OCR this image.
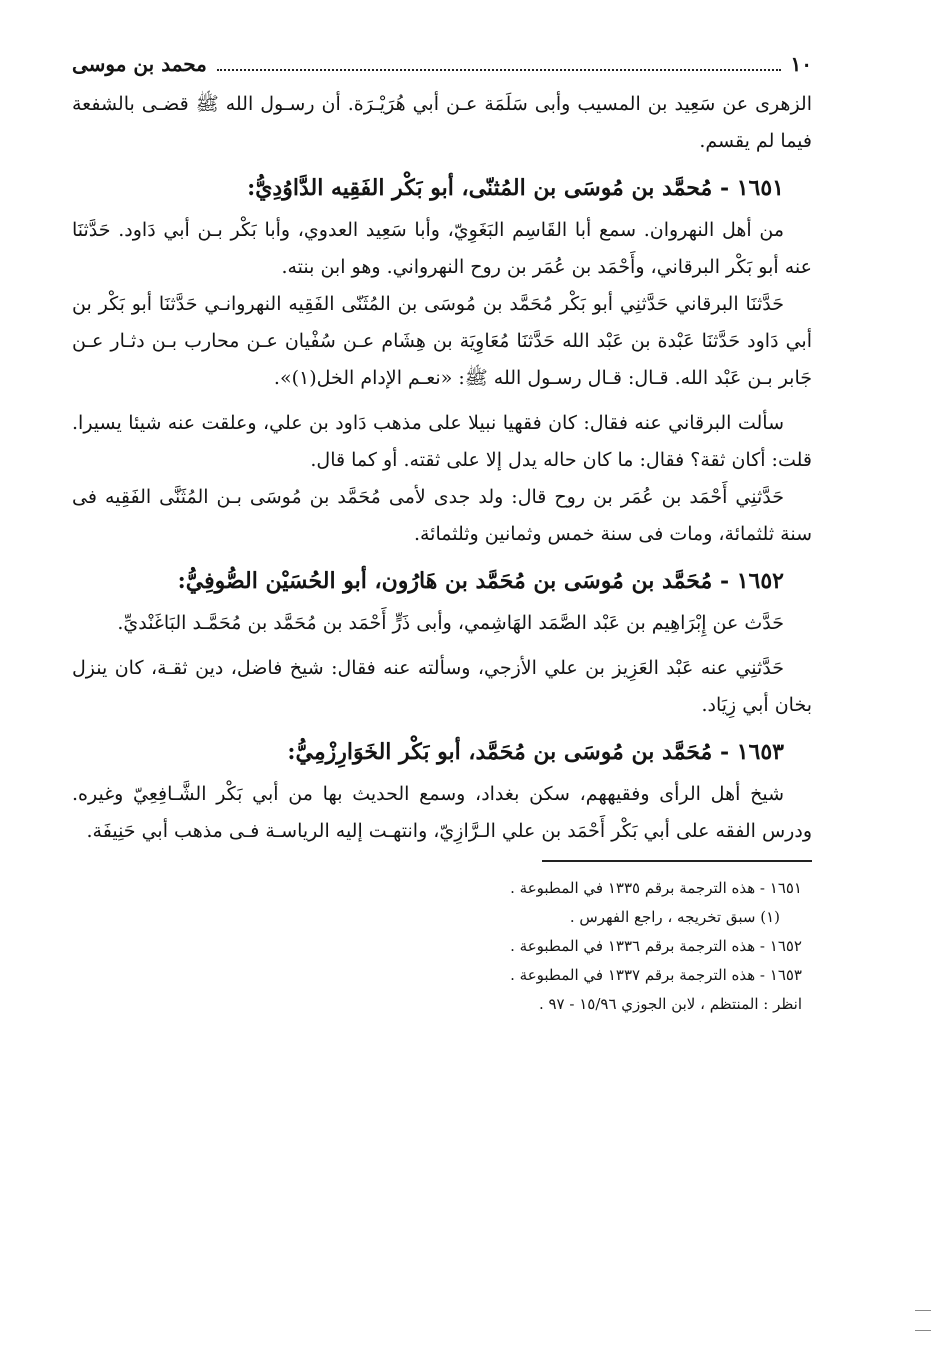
١٠
محمد بن موسى

الزهرى عن سَعِيد بن المسيب وأبى سَلَمَة عـن أبي هُرَيْـرَة. أن رسـول الله ﷺ قضـى بالشفعة فيما لم يقسم.

١٦٥١ - مُحمَّد بن مُوسَى بن المُثنّى، أبو بَكْر الفَقِيه الدَّاوُدِيُّ:

من أهل النهروان. سمع أبا القَاسِم البَغَوِيّ، وأبا سَعِيد العدوي، وأبا بَكْر بـن أبي دَاود. حَدَّثنَا عنه أبو بَكْر البرقاني، وأَحْمَد بن عُمَر بن روح النهرواني. وهو ابن بنته.

حَدَّثنَا البرقاني حَدَّثنِي أبو بَكْر مُحَمَّد بن مُوسَى بن المُثَنّى الفَقِيه النهروانـي حَدَّثنَا أبو بَكْر بن أبي دَاود حَدَّثنَا عَبْدة بن عَبْد الله حَدَّثنَا مُعَاوِيَة بن هِشَام عـن سُفْيان عـن محارب بـن دثـار عـن جَابر بـن عَبْد الله. قـال: قـال رسـول الله ﷺ: «نعـم الإدام الخل(١)».

سألت البرقاني عنه فقال: كان فقهيا نبيلا على مذهب دَاود بن علي، وعلقت عنه شيئا يسيرا. قلت: أكان ثقة؟ فقال: ما كان حاله يدل إلا على ثقته. أو كما قال.

حَدَّثنِي أَحْمَد بن عُمَر بن روح قال: ولد جدى لأمى مُحَمَّد بن مُوسَى بـن المُثَنَّى الفَقِيه فى سنة ثلثمائة، ومات فى سنة خمس وثمانين وثلثمائة.

١٦٥٢ - مُحَمَّد بن مُوسَى بن مُحَمَّد بن هَارُون، أبو الحُسَيْن الصُّوفِيُّ:

حَدَّث عن إِبْرَاهِيم بن عَبْد الصَّمَد الهَاشِمي، وأبى ذَرٍّ أَحْمَد بن مُحَمَّد بن مُحَمَّـد البَاغَنْديِّ.

حَدَّثنِي عنه عَبْد العَزِيز بن علي الأزجي، وسألته عنه فقال: شيخ فاضل، دين ثقـة، كان ينزل بخان أبي زِيَاد.

١٦٥٣ - مُحَمَّد بن مُوسَى بن مُحَمَّد، أبو بَكْر الخَوَارِزْمِيُّ:

شيخ أهل الرأى وفقيههم، سكن بغداد، وسمع الحديث بها من أبي بَكْر الشَّـافِعِيّ وغيره. ودرس الفقه على أبي بَكْر أَحْمَد بن علي الـرَّازِيّ، وانتهـت إليه الرياسـة فـى مذهب أبي حَنِيفَة.

١٦٥١ - هذه الترجمة برقم ١٣٣٥ في المطبوعة .

(١) سبق تخريجه ، راجع الفهرس .

١٦٥٢ - هذه الترجمة برقم ١٣٣٦ في المطبوعة .

١٦٥٣ - هذه الترجمة برقم ١٣٣٧ في المطبوعة .

انظر : المنتظم ، لابن الجوزي ١٥/٩٦ - ٩٧ .
